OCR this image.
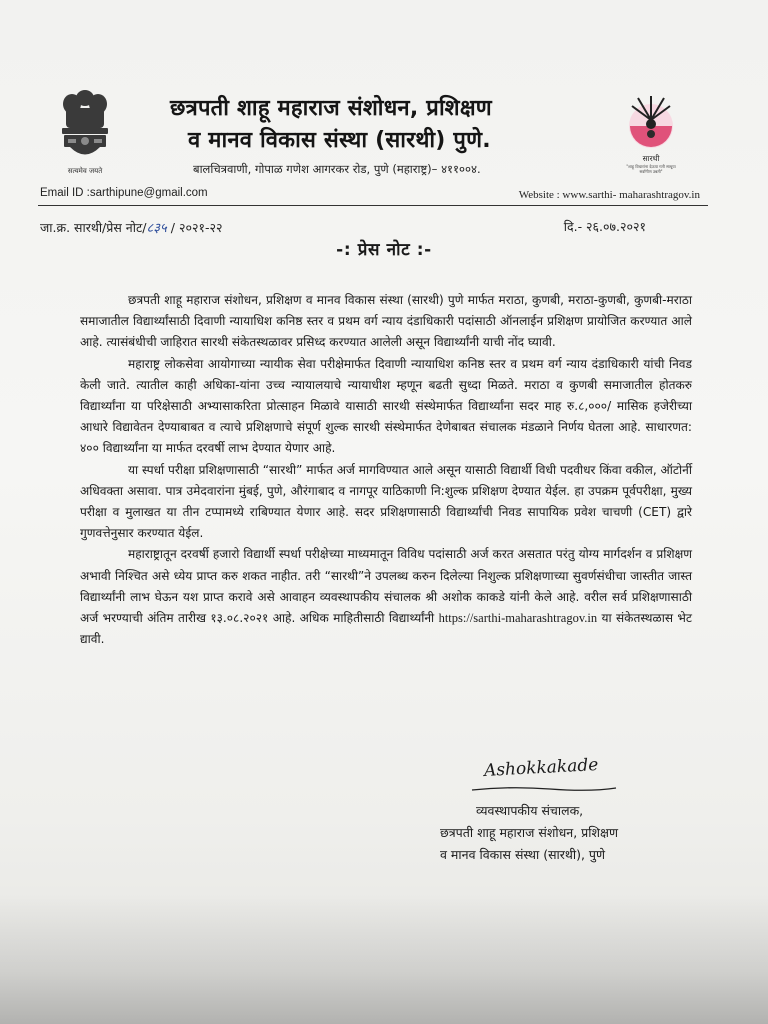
सत्यमेव जयते
छत्रपती शाहू महाराज संशोधन, प्रशिक्षण
व मानव विकास संस्था (सारथी) पुणे.
बालचित्रवाणी, गोपाळ गणेश आगरकर रोड, पुणे (महाराष्ट्र)– ४११००४.
सारथी
"शाहू विचारांना देऊया गती साधूया सर्वांगीण उन्नती"
Email ID :sarthipune@gmail.com	Website : www.sarthi- maharashtragov.in
जा.क्र. सारथी/प्रेस नोट/८३५ / २०२१-२२	दि.- २६.०७.२०२१
-: प्रेस नोट :-

छत्रपती शाहू महाराज संशोधन, प्रशिक्षण व मानव विकास संस्था (सारथी) पुणे मार्फत मराठा, कुणबी, मराठा-कुणबी, कुणबी-मराठा समाजातील विद्यार्थ्यांसाठी दिवाणी न्यायाधिश कनिष्ठ स्तर व प्रथम वर्ग न्याय दंडाधिकारी पदांसाठी ऑनलाईन प्रशिक्षण प्रायोजित करण्यात आले आहे. त्यासंबंधीची जाहिरात सारथी संकेतस्थळावर प्रसिध्द करण्यात आलेली असून विद्यार्थ्यांनी याची नोंद घ्यावी.

महाराष्ट्र लोकसेवा आयोगाच्या न्यायीक सेवा परीक्षेमार्फत दिवाणी न्यायाधिश कनिष्ठ स्तर व प्रथम वर्ग न्याय दंडाधिकारी यांची निवड केली जाते. त्यातील काही अधिका-यांना उच्च न्यायालयाचे न्यायाधीश म्हणून बढती सुध्दा मिळते. मराठा व कुणबी समाजातील होतकरु विद्यार्थ्यांना या परिक्षेसाठी अभ्यासाकरिता प्रोत्साहन मिळावे यासाठी सारथी संस्थेमार्फत विद्यार्थ्यांना सदर माह रु.८,०००/ मासिक हजेरीच्या आधारे विद्यावेतन देण्याबाबत व त्याचे प्रशिक्षणाचे संपूर्ण शुल्क सारथी संस्थेमार्फत देणेबाबत संचालक मंडळाने निर्णय घेतला आहे. साधारणत: ४०० विद्यार्थ्यांना या मार्फत दरवर्षी लाभ देण्यात येणार आहे.

या स्पर्धा परीक्षा प्रशिक्षणासाठी “सारथी” मार्फत अर्ज मागविण्यात आले असून यासाठी विद्यार्थी विधी पदवीधर किंवा वकील, ऑटोर्नी अधिवक्ता असावा. पात्र उमेदवारांना मुंबई, पुणे, औरंगाबाद व नागपूर याठिकाणी नि:शुल्क प्रशिक्षण देण्यात येईल. हा उपक्रम पूर्वपरीक्षा, मुख्य परीक्षा व मुलाखत या तीन टप्पामध्ये राबिण्यात येणार आहे. सदर प्रशिक्षणासाठी विद्यार्थ्यांची निवड सापायिक प्रवेश चाचणी (CET) द्वारे गुणवत्तेनुसार करण्यात येईल.

महाराष्ट्रातून दरवर्षी हजारो विद्यार्थी स्पर्धा परीक्षेच्या माध्यमातून विविध पदांसाठी अर्ज करत असतात परंतु योग्य मार्गदर्शन व प्रशिक्षण अभावी निश्चित असे ध्येय प्राप्त करु शकत नाहीत. तरी “सारथी”ने उपलब्ध करुन दिलेल्या निशुल्क प्रशिक्षणाच्या सुवर्णसंधीचा जास्तीत जास्त विद्यार्थ्यांनी लाभ घेऊन यश प्राप्त करावे असे आवाहन व्यवस्थापकीय संचालक श्री अशोक काकडे यांनी केले आहे. वरील सर्व प्रशिक्षणासाठी अर्ज भरण्याची अंतिम तारीख १३.०८.२०२१ आहे. अधिक माहितीसाठी विद्यार्थ्यांनी https://sarthi-maharashtragov.in या संकेतस्थळास भेट द्यावी.

Ashokkakade
व्यवस्थापकीय संचालक,
छत्रपती शाहू महाराज संशोधन, प्रशिक्षण
व मानव विकास संस्था (सारथी), पुणे
